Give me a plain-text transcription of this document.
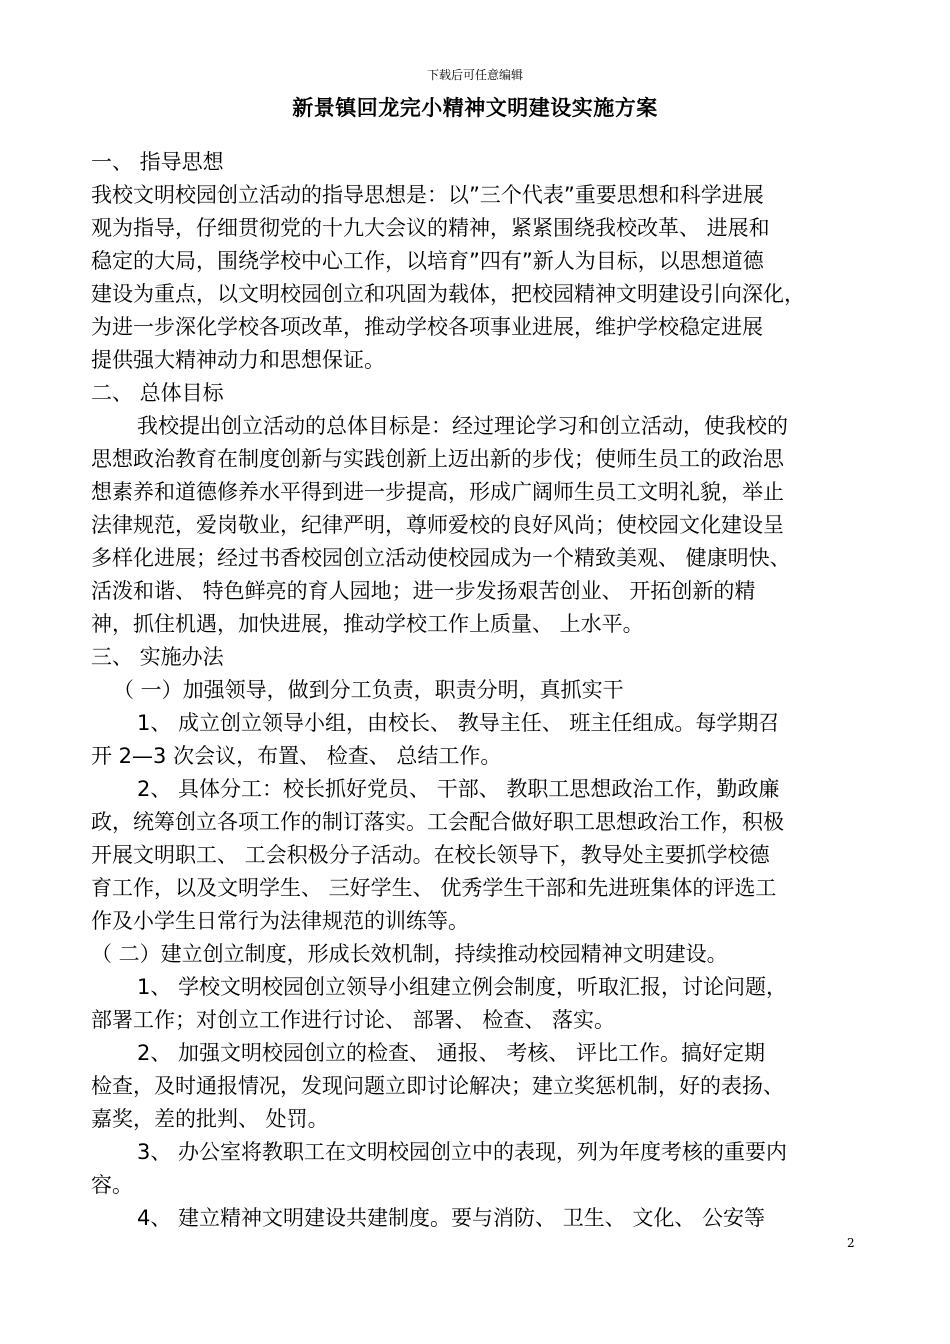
下载后可任意编辑
新景镇回龙完小精神文明建设实施方案
一、 指导思想
我校文明校园创立活动的指导思想是：以”三个代表”重要思想和科学进展
观为指导，仔细贯彻党的十九大会议的精神，紧紧围绕我校改革、 进展和
稳定的大局，围绕学校中心工作，以培育”四有”新人为目标，以思想道德
建设为重点，以文明校园创立和巩固为载体，把校园精神文明建设引向深化，
为进一步深化学校各项改革，推动学校各项事业进展，维护学校稳定进展
提供强大精神动力和思想保证。
二、 总体目标
我校提出创立活动的总体目标是：经过理论学习和创立活动，使我校的
思想政治教育在制度创新与实践创新上迈出新的步伐；使师生员工的政治思
想素养和道德修养水平得到进一步提高，形成广阔师生员工文明礼貌，举止
法律规范，爱岗敬业，纪律严明，尊师爱校的良好风尚；使校园文化建设呈
多样化进展；经过书香校园创立活动使校园成为一个精致美观、 健康明快、
活泼和谐、 特色鲜亮的育人园地；进一步发扬艰苦创业、 开拓创新的精
神，抓住机遇，加快进展，推动学校工作上质量、 上水平。
三、 实施办法
（ 一）加强领导，做到分工负责，职责分明，真抓实干
1、 成立创立领导小组，由校长、 教导主任、 班主任组成。每学期召
开 2—3 次会议，布置、 检查、 总结工作。
2、 具体分工：校长抓好党员、 干部、 教职工思想政治工作，勤政廉
政，统筹创立各项工作的制订落实。工会配合做好职工思想政治工作，积极
开展文明职工、 工会积极分子活动。在校长领导下，教导处主要抓学校德
育工作，以及文明学生、 三好学生、 优秀学生干部和先进班集体的评选工
作及小学生日常行为法律规范的训练等。
（ 二）建立创立制度，形成长效机制，持续推动校园精神文明建设。
1、 学校文明校园创立领导小组建立例会制度，听取汇报，讨论问题，
部署工作；对创立工作进行讨论、 部署、 检查、 落实。
2、 加强文明校园创立的检查、 通报、 考核、 评比工作。搞好定期
检查，及时通报情况，发现问题立即讨论解决；建立奖惩机制，好的表扬、
嘉奖，差的批判、 处罚。
3、 办公室将教职工在文明校园创立中的表现，列为年度考核的重要内
容。
4、 建立精神文明建设共建制度。要与消防、 卫生、 文化、 公安等
2
